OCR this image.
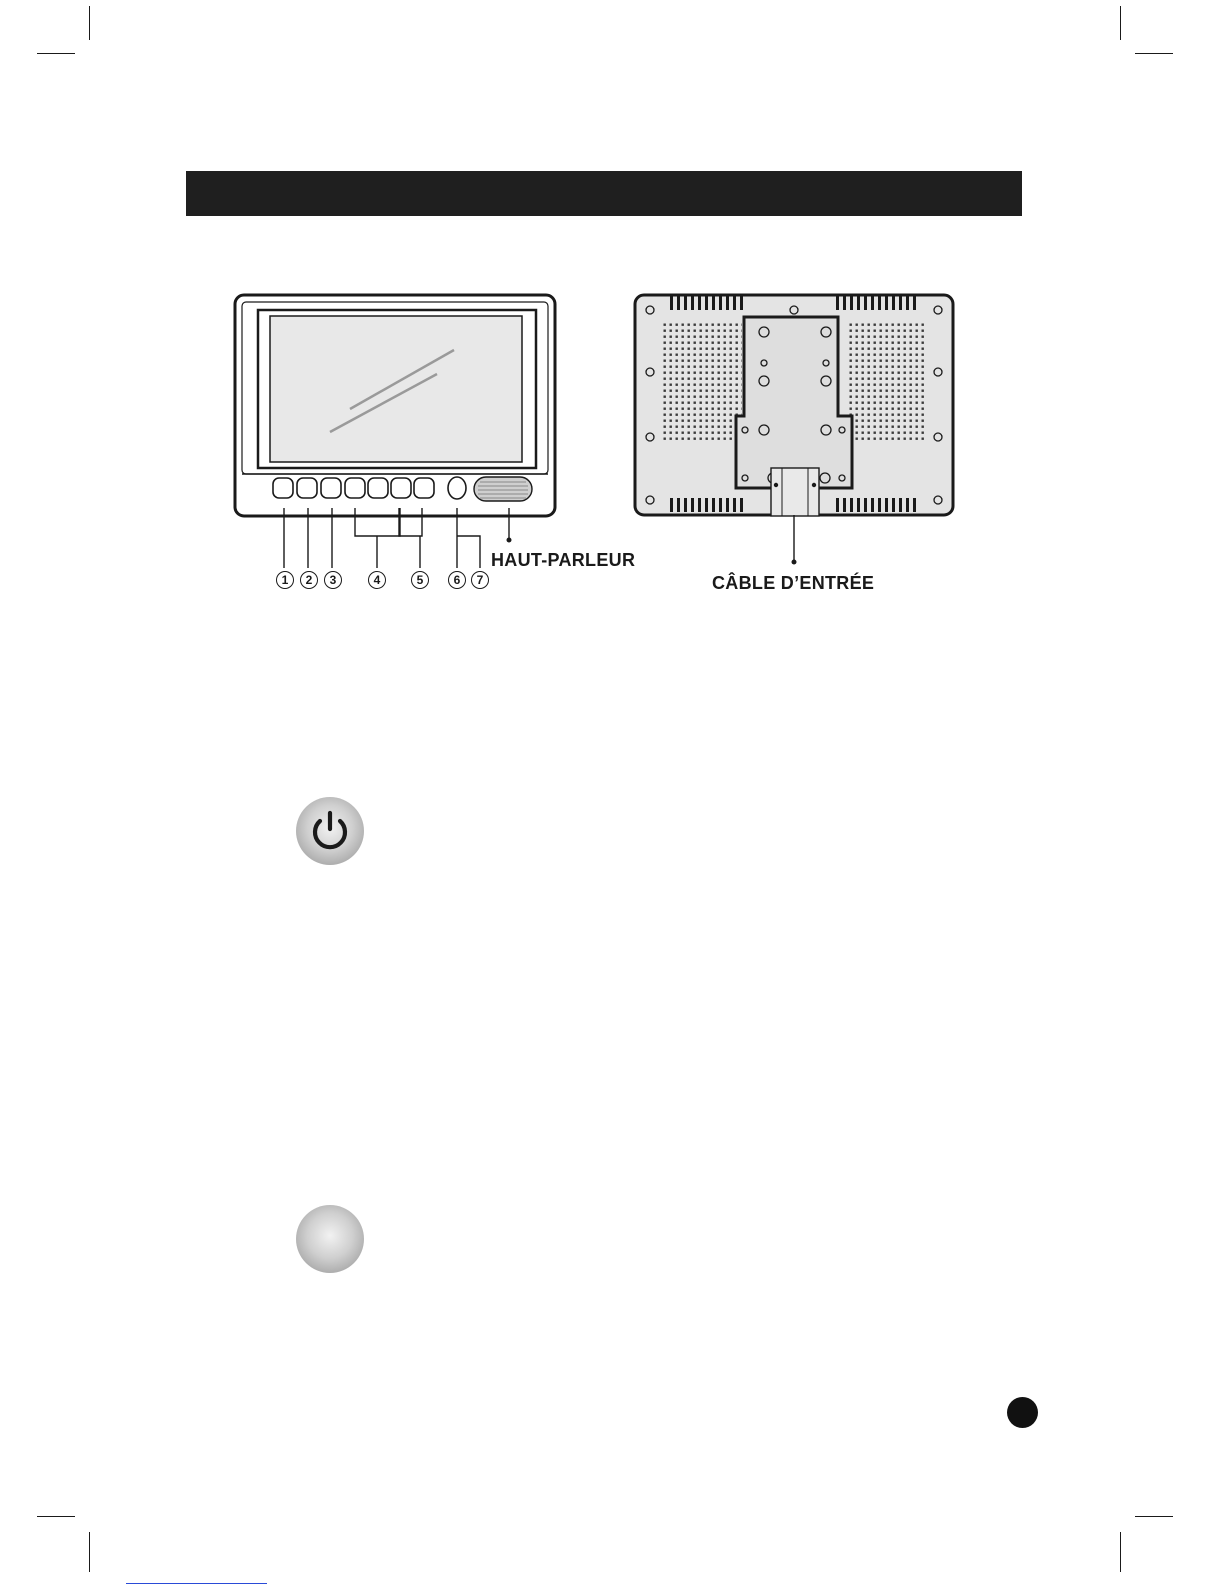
1	2	3	4	5	6	7
HAUT-PARLEUR
CÂBLE D’ENTRÉE
